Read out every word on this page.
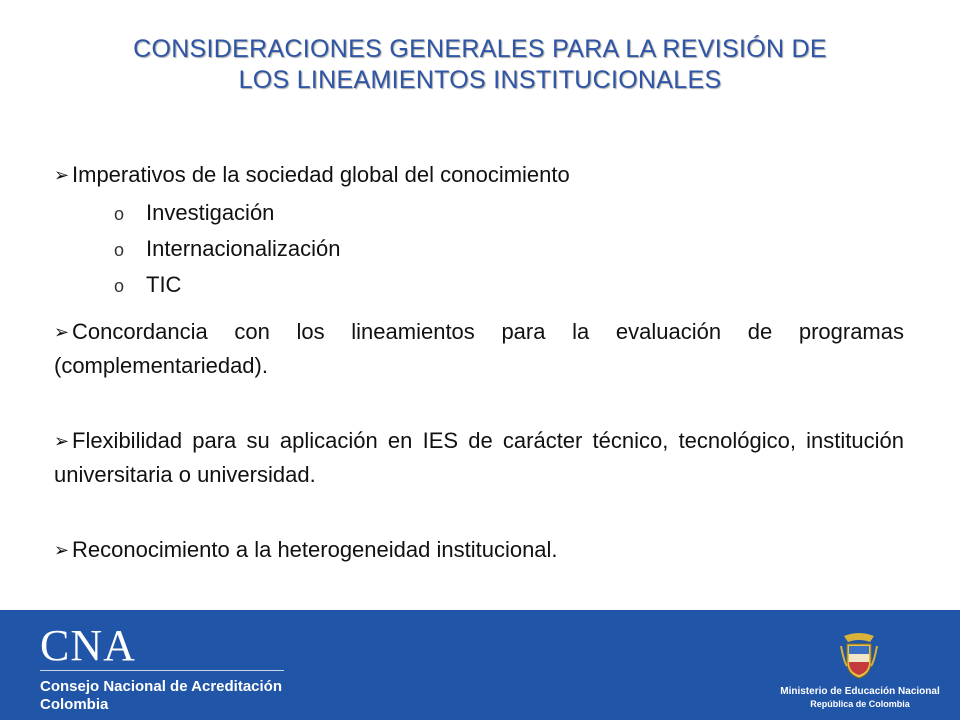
CONSIDERACIONES GENERALES PARA LA REVISIÓN DE
LOS LINEAMIENTOS INSTITUCIONALES

➢ Imperativos de la sociedad global del conocimiento

o Investigación
o Internacionalización
o TIC

➢ Concordancia con los lineamientos para la evaluación de programas (complementariedad).

➢ Flexibilidad para su aplicación en IES de carácter técnico, tecnológico, institución universitaria o universidad.

➢ Reconocimiento a la heterogeneidad institucional.

CNA
Consejo Nacional de Acreditación
Colombia
Ministerio de Educación Nacional
República de Colombia
